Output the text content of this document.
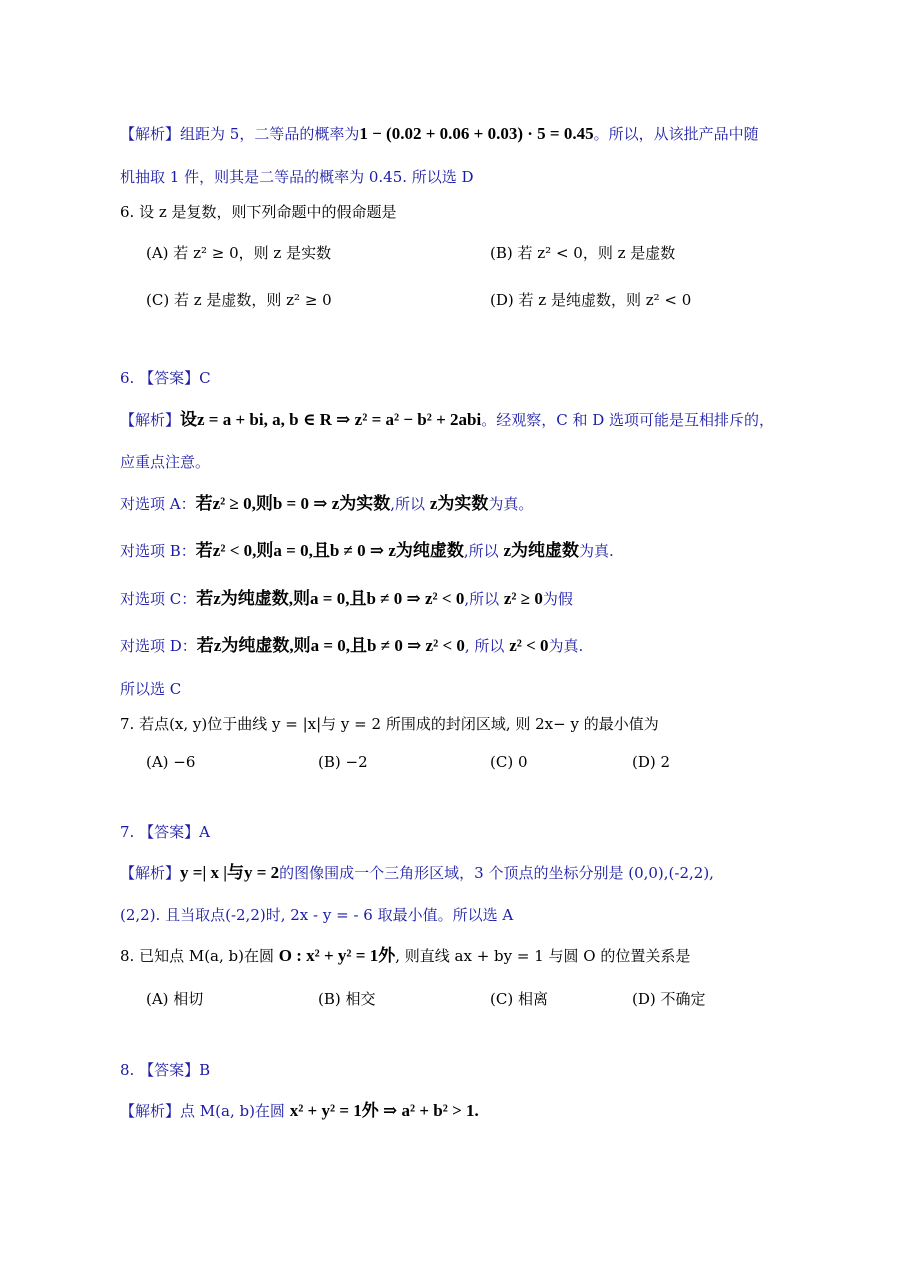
【解析】组距为 5，二等品的概率为1 − (0.02 + 0.06 + 0.03) · 5 = 0.45。所以，从该批产品中随
机抽取 1 件，则其是二等品的概率为 0.45. 所以选 D
6. 设 z 是复数，则下列命题中的假命题是
(A) 若 z² ≥ 0，则 z 是实数	(B) 若 z² < 0，则 z 是虚数
(C) 若 z 是虚数，则 z² ≥ 0	(D) 若 z 是纯虚数，则 z² < 0
6. 【答案】C
【解析】设z = a + bi, a, b ∈ R ⇒ z² = a² − b² + 2abi。经观察，C 和 D 选项可能是互相排斥的，
应重点注意。
对选项 A：若z² ≥ 0,则b = 0 ⇒ z为实数,所以 z为实数为真。
对选项 B：若z² < 0,则a = 0,且b ≠ 0 ⇒ z为纯虚数,所以 z为纯虚数为真.
对选项 C：若z为纯虚数,则a = 0,且b ≠ 0 ⇒ z² < 0,所以 z² ≥ 0为假
对选项 D：若z为纯虚数,则a = 0,且b ≠ 0 ⇒ z² < 0, 所以 z² < 0为真.
所以选 C
7. 若点(x, y)位于曲线 y = |x|与 y = 2 所围成的封闭区域, 则 2x− y 的最小值为
(A) −6	(B) −2	(C) 0	(D) 2
7. 【答案】A
【解析】y =| x |与y = 2的图像围成一个三角形区域，3 个顶点的坐标分别是 (0,0),(-2,2),
(2,2). 且当取点(-2,2)时, 2x - y = - 6 取最小值。所以选 A
8. 已知点 M(a, b)在圆 O : x² + y² = 1外, 则直线 ax + by = 1 与圆 O 的位置关系是
(A) 相切	(B) 相交	(C) 相离	(D) 不确定
8. 【答案】B
【解析】点 M(a, b)在圆 x² + y² = 1外 ⇒ a² + b² > 1.
